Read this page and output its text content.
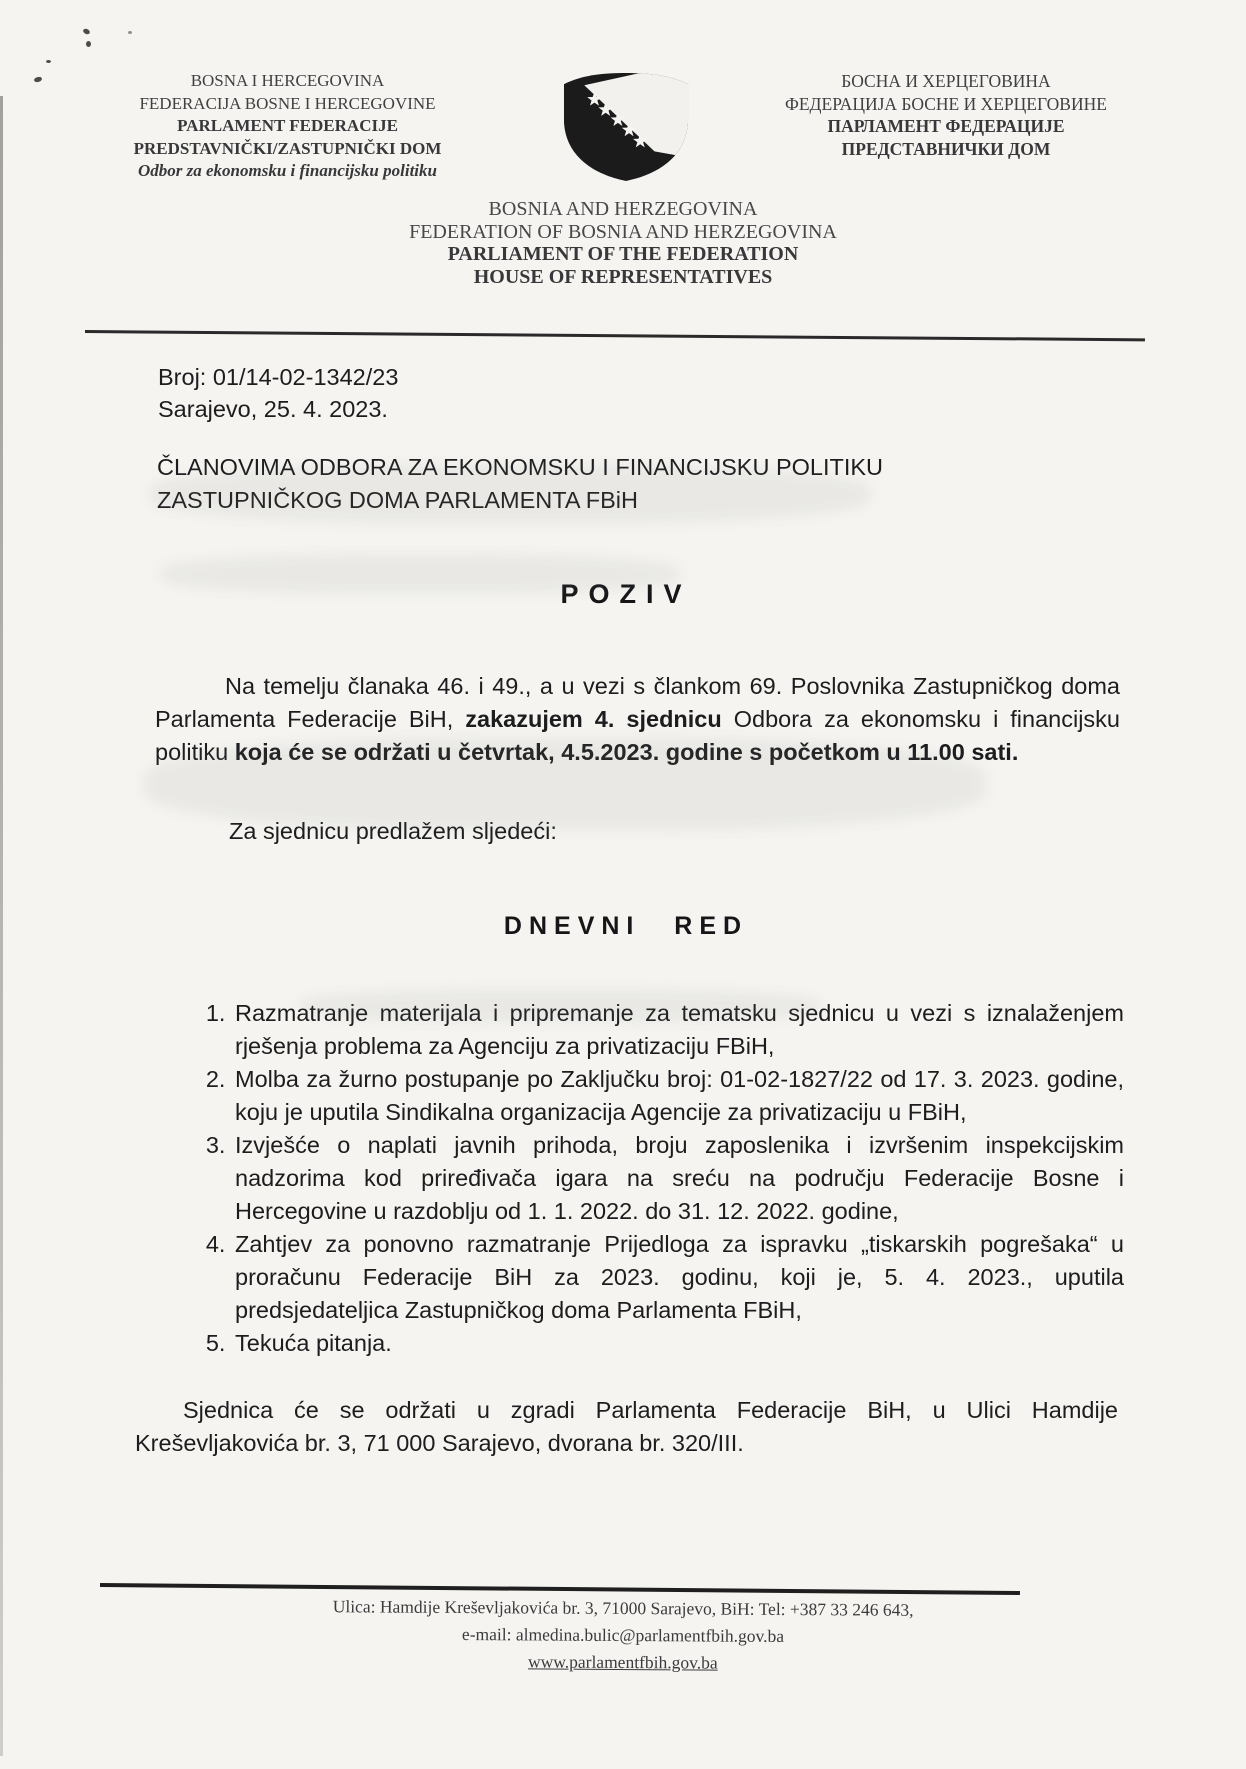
BOSNA I HERCEGOVINA
FEDERACIJA BOSNE I HERCEGOVINE
PARLAMENT FEDERACIJE
PREDSTAVNIČKI/ZASTUPNIČKI DOM
Odbor za ekonomsku i financijsku politiku
БОСНА И ХЕРЦЕГОВИНА
ФЕДЕРАЦИЈА БОСНЕ И ХЕРЦЕГОВИНЕ
ПАРЛАМЕНТ ФЕДЕРАЦИЈЕ
ПРЕДСТАВНИЧКИ ДОМ
BOSNIA AND HERZEGOVINA
FEDERATION OF BOSNIA AND HERZEGOVINA
PARLIAMENT OF THE FEDERATION
HOUSE OF REPRESENTATIVES
Broj: 01/14-02-1342/23
Sarajevo, 25. 4. 2023.
ČLANOVIMA ODBORA ZA EKONOMSKU I FINANCIJSKU POLITIKU
ZASTUPNIČKOG DOMA PARLAMENTA FBiH
POZIV

Na temelju članaka 46. i 49., a u vezi s člankom 69. Poslovnika Zastupničkog doma Parlamenta Federacije BiH, zakazujem 4. sjednicu Odbora za ekonomsku i financijsku politiku koja će se održati u četvrtak, 4.5.2023. godine s početkom u 11.00 sati.

Za sjednicu predlažem sljedeći:

DNEVNI RED
1. Razmatranje materijala i pripremanje za tematsku sjednicu u vezi s iznalaženjem rješenja problema za Agenciju za privatizaciju FBiH,
2. Molba za žurno postupanje po Zaključku broj: 01-02-1827/22 od 17. 3. 2023. godine, koju je uputila Sindikalna organizacija Agencije za privatizaciju u FBiH,
3. Izvješće o naplati javnih prihoda, broju zaposlenika i izvršenim inspekcijskim nadzorima kod priređivača igara na sreću na području Federacije Bosne i Hercegovine u razdoblju od 1. 1. 2022. do 31. 12. 2022. godine,
4. Zahtjev za ponovno razmatranje Prijedloga za ispravku „tiskarskih pogrešaka“ u proračunu Federacije BiH za 2023. godinu, koji je, 5. 4. 2023., uputila predsjedateljica Zastupničkog doma Parlamenta FBiH,
5. Tekuća pitanja.

Sjednica će se održati u zgradi Parlamenta Federacije BiH, u Ulici Hamdije Kreševljakovića br. 3, 71 000 Sarajevo, dvorana br. 320/III.

Ulica: Hamdije Kreševljakovića br. 3, 71000 Sarajevo, BiH: Tel: +387 33 246 643,
e-mail: almedina.bulic@parlamentfbih.gov.ba
www.parlamentfbih.gov.ba
